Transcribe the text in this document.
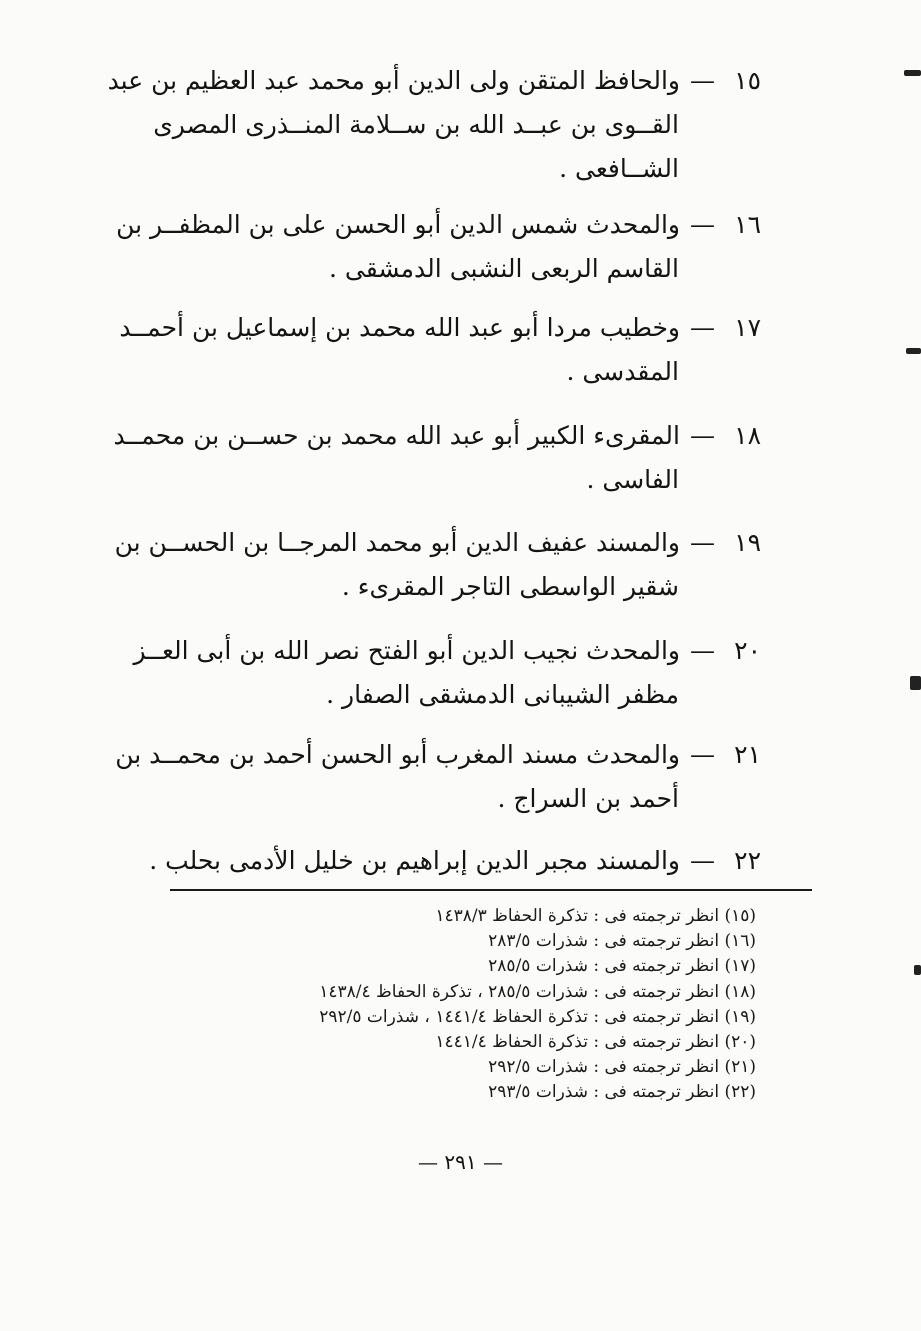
١٥—والحافظ المتقن ولى الدين أبو محمد عبد العظيم بن عبد
القــوى بن عبــد الله بن ســلامة المنــذرى المصرى
الشــافعى .
١٦—والمحدث شمس الدين أبو الحسن على بن المظفــر بن
القاسم الربعى النشبى الدمشقى .
١٧—وخطيب مردا أبو عبد الله محمد بن إسماعيل بن أحمــد
المقدسى .
١٨—المقرىء الكبير أبو عبد الله محمد بن حســن بن محمــد
الفاسى .
١٩—والمسند عفيف الدين أبو محمد المرجــا بن الحســن بن
شقير الواسطى التاجر المقرىء .
٢٠—والمحدث نجيب الدين أبو الفتح نصر الله بن أبى العــز
مظفر الشيبانى الدمشقى الصفار .
٢١—والمحدث مسند المغرب أبو الحسن أحمد بن محمــد بن
أحمد بن السراج .
٢٢—والمسند مجبر الدين إبراهيم بن خليل الأدمى بحلب .
(١٥) انظر ترجمته فى : تذكرة الحفاظ ١٤٣٨/٣
(١٦) انظر ترجمته فى : شذرات ٢٨٣/٥
(١٧) انظر ترجمته فى : شذرات ٢٨٥/٥
(١٨) انظر ترجمته فى : شذرات ٢٨٥/٥ ، تذكرة الحفاظ ١٤٣٨/٤
(١٩) انظر ترجمته فى : تذكرة الحفاظ ١٤٤١/٤ ، شذرات ٢٩٢/٥
(٢٠) انظر ترجمته فى : تذكرة الحفاظ ١٤٤١/٤
(٢١) انظر ترجمته فى : شذرات ٢٩٢/٥
(٢٢) انظر ترجمته فى : شذرات ٢٩٣/٥
— ٢٩١ —
